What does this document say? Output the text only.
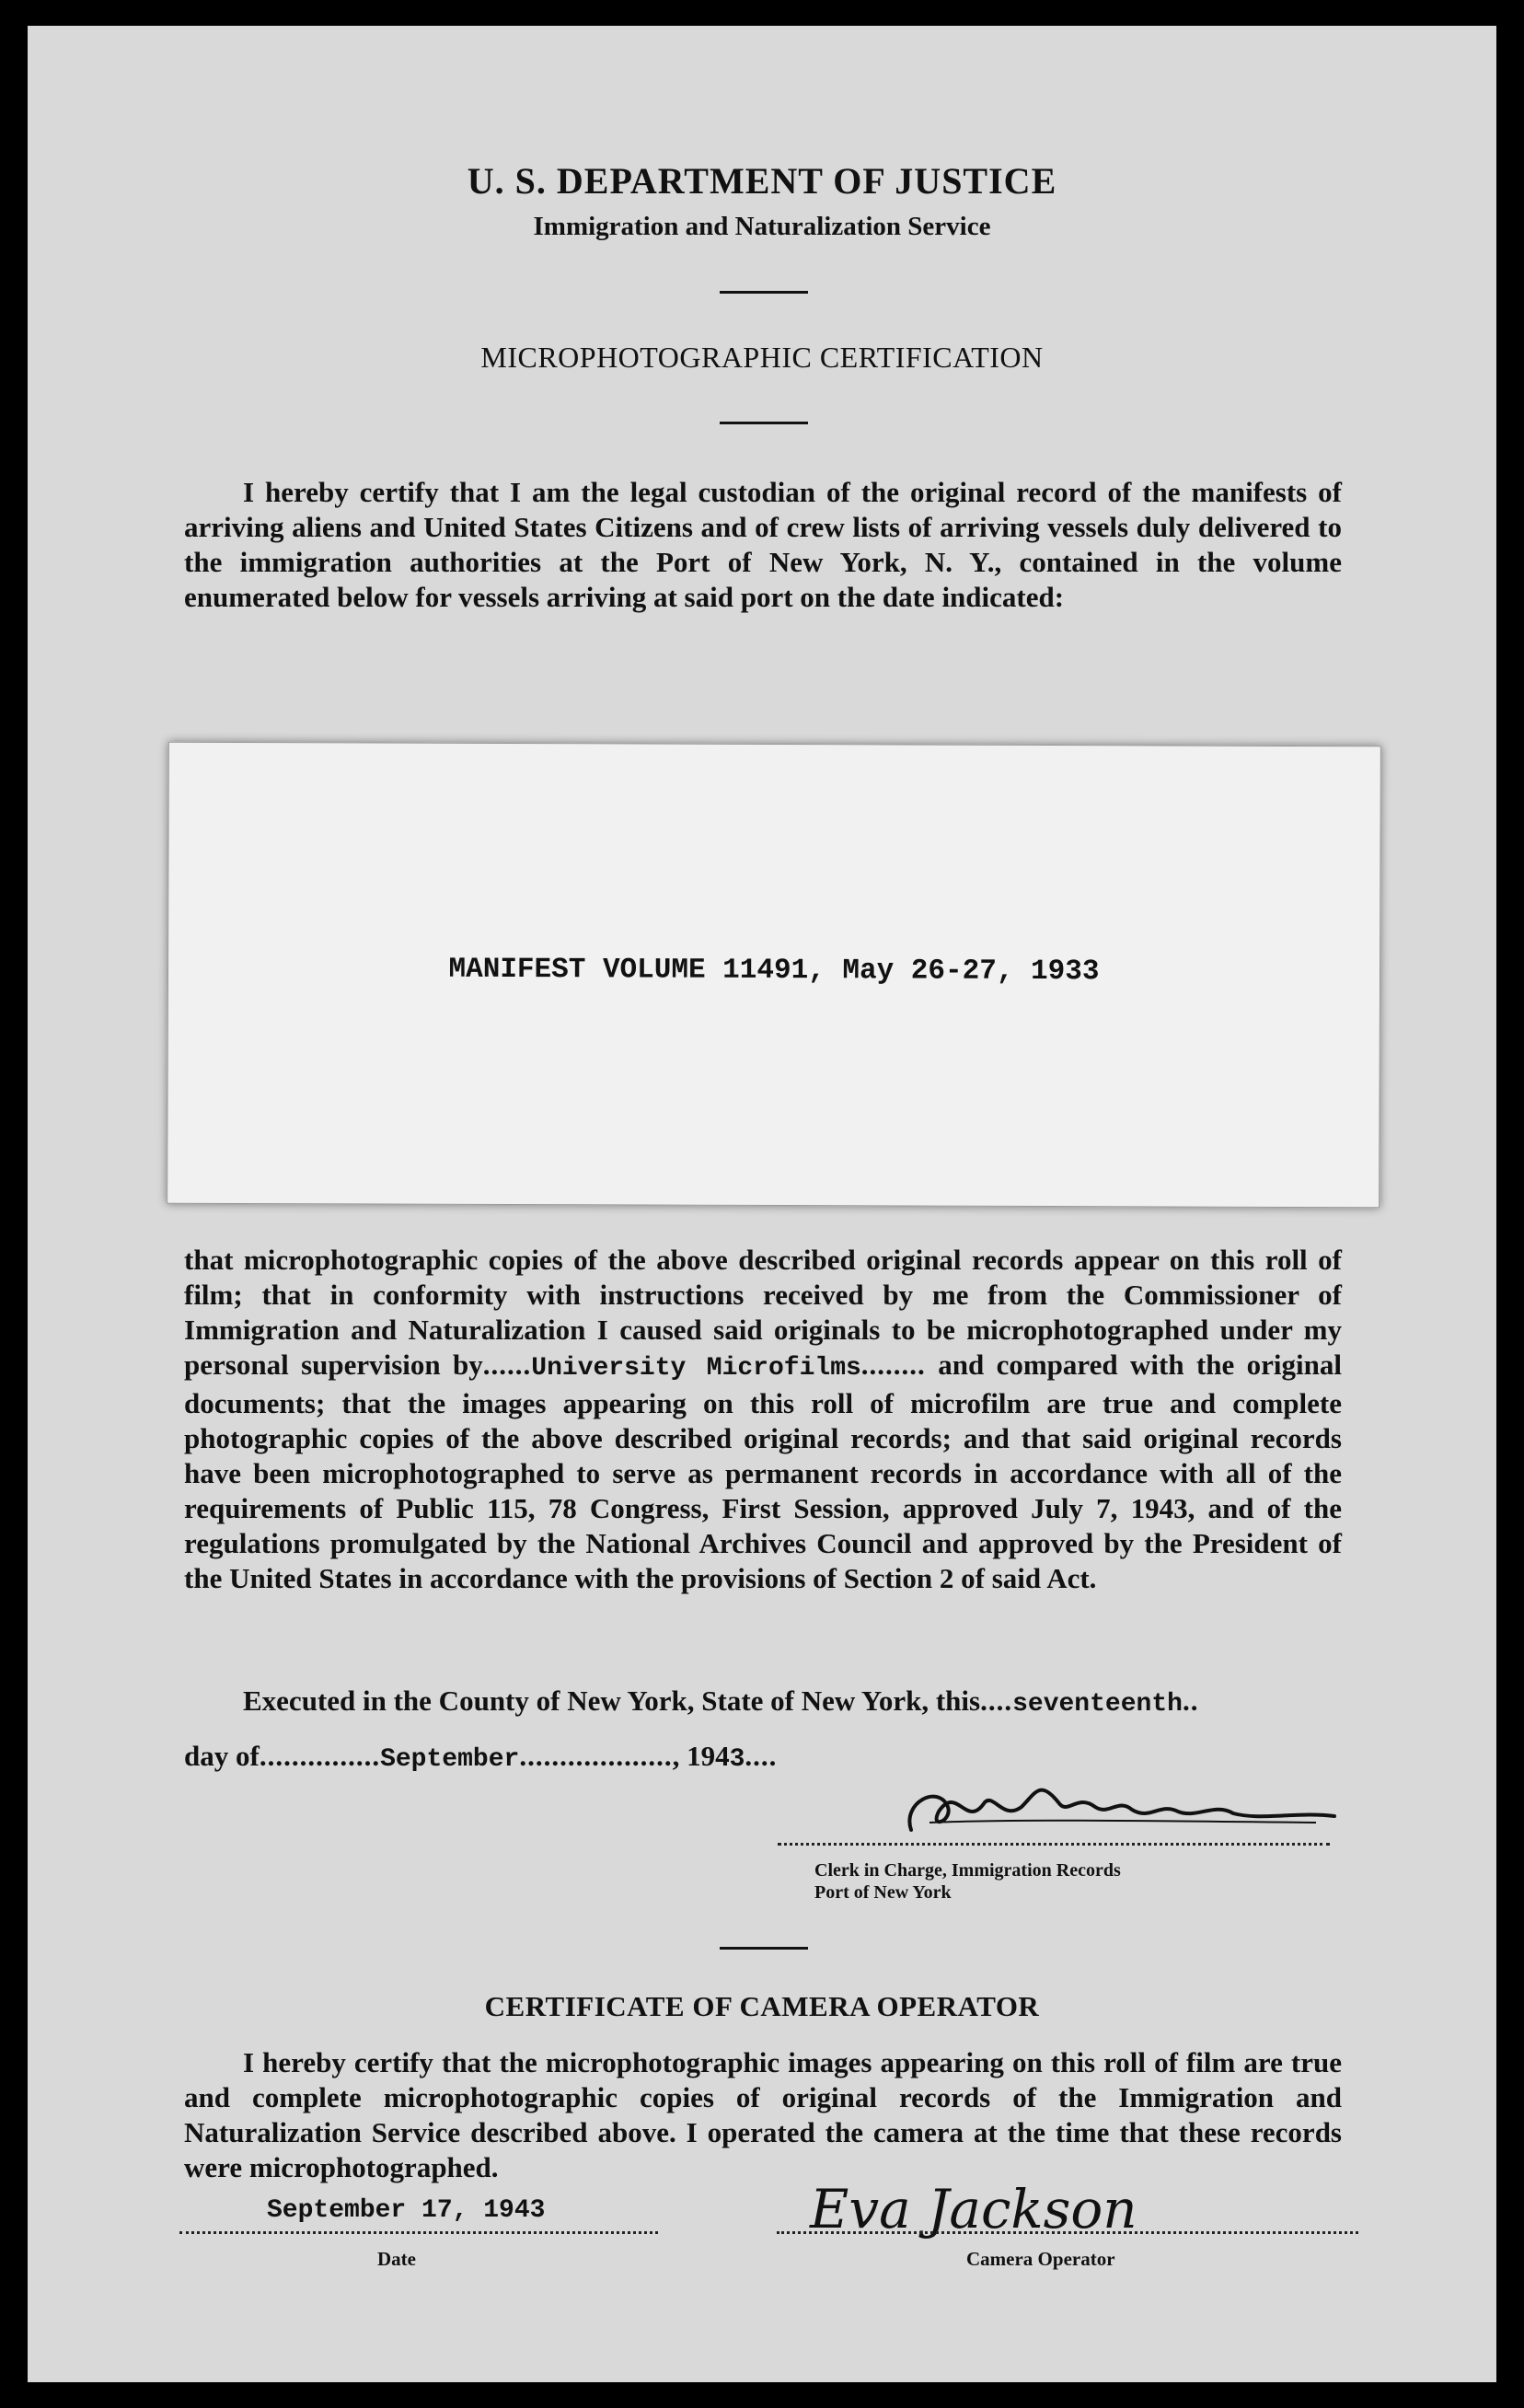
U. S. DEPARTMENT OF JUSTICE
Immigration and Naturalization Service
MICROPHOTOGRAPHIC CERTIFICATION

I hereby certify that I am the legal custodian of the original record of the manifests of arriving aliens and United States Citizens and of crew lists of arriving vessels duly delivered to the immigration authorities at the Port of New York, N. Y., contained in the volume enumerated below for vessels arriving at said port on the date indicated:

MANIFEST VOLUME 11491, May 26-27, 1933

that microphotographic copies of the above described original records appear on this roll of film; that in conformity with instructions received by me from the Commissioner of Immigration and Naturalization I caused said originals to be microphotographed under my personal supervision by......University Microfilms........ and compared with the original documents; that the images appearing on this roll of microfilm are true and complete photographic copies of the above described original records; and that said original records have been microphotographed to serve as permanent records in accordance with all of the requirements of Public 115, 78 Congress, First Session, approved July 7, 1943, and of the regulations promulgated by the National Archives Council and approved by the President of the United States in accordance with the provisions of Section 2 of said Act.

Executed in the County of New York, State of New York, this....seventeenth..
day of...............September..................., 1943....
Clerk in Charge, Immigration Records
Port of New York
CERTIFICATE OF CAMERA OPERATOR

I hereby certify that the microphotographic images appearing on this roll of film are true and complete microphotographic copies of original records of the Immigration and Naturalization Service described above. I operated the camera at the time that these records were microphotographed.

September 17, 1943
Date
Eva Jackson
Camera Operator
